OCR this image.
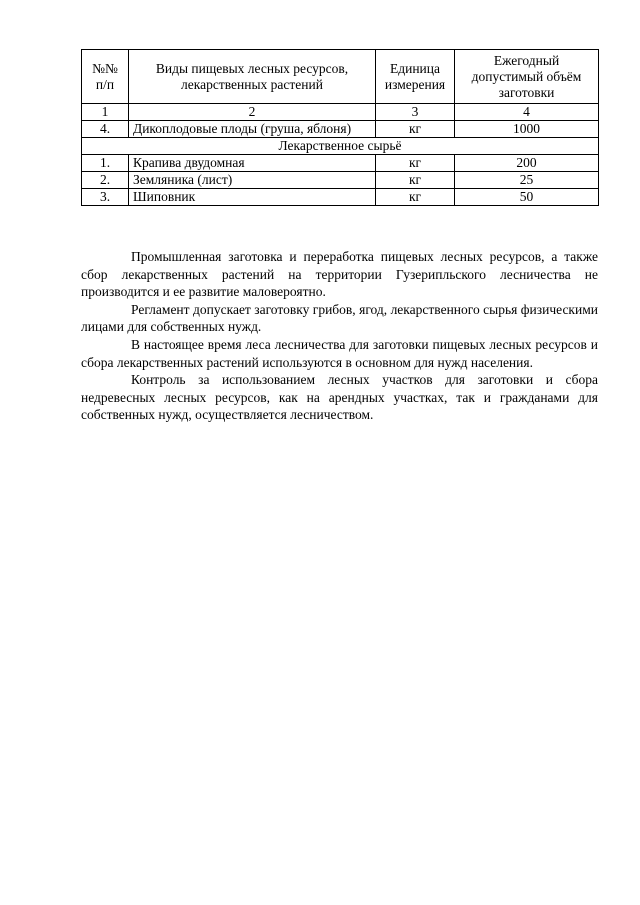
№№ п/п	Виды пищевых лесных ресурсов, лекарственных растений	Единица измерения	Ежегодный допустимый объём заготовки
1	2	3	4
4.	Дикоплодовые плоды (груша, яблоня)	кг	1000
Лекарственное сырьё			
1.	Крапива двудомная	кг	200
2.	Земляника (лист)	кг	25
3.	Шиповник	кг	50

Промышленная заготовка и переработка пищевых лесных ресурсов, а также сбор лекарственных растений на территории Гузерипльского лесничества не производится и ее развитие маловероятно.

Регламент допускает заготовку грибов, ягод, лекарственного сырья физическими лицами для собственных нужд.

В настоящее время леса лесничества для заготовки пищевых лесных ресурсов и сбора лекарственных растений используются в основном для нужд населения.

Контроль за использованием лесных участков для заготовки и сбора недревесных лесных ресурсов, как на арендных участках, так и гражданами для собственных нужд, осуществляется лесничеством.
